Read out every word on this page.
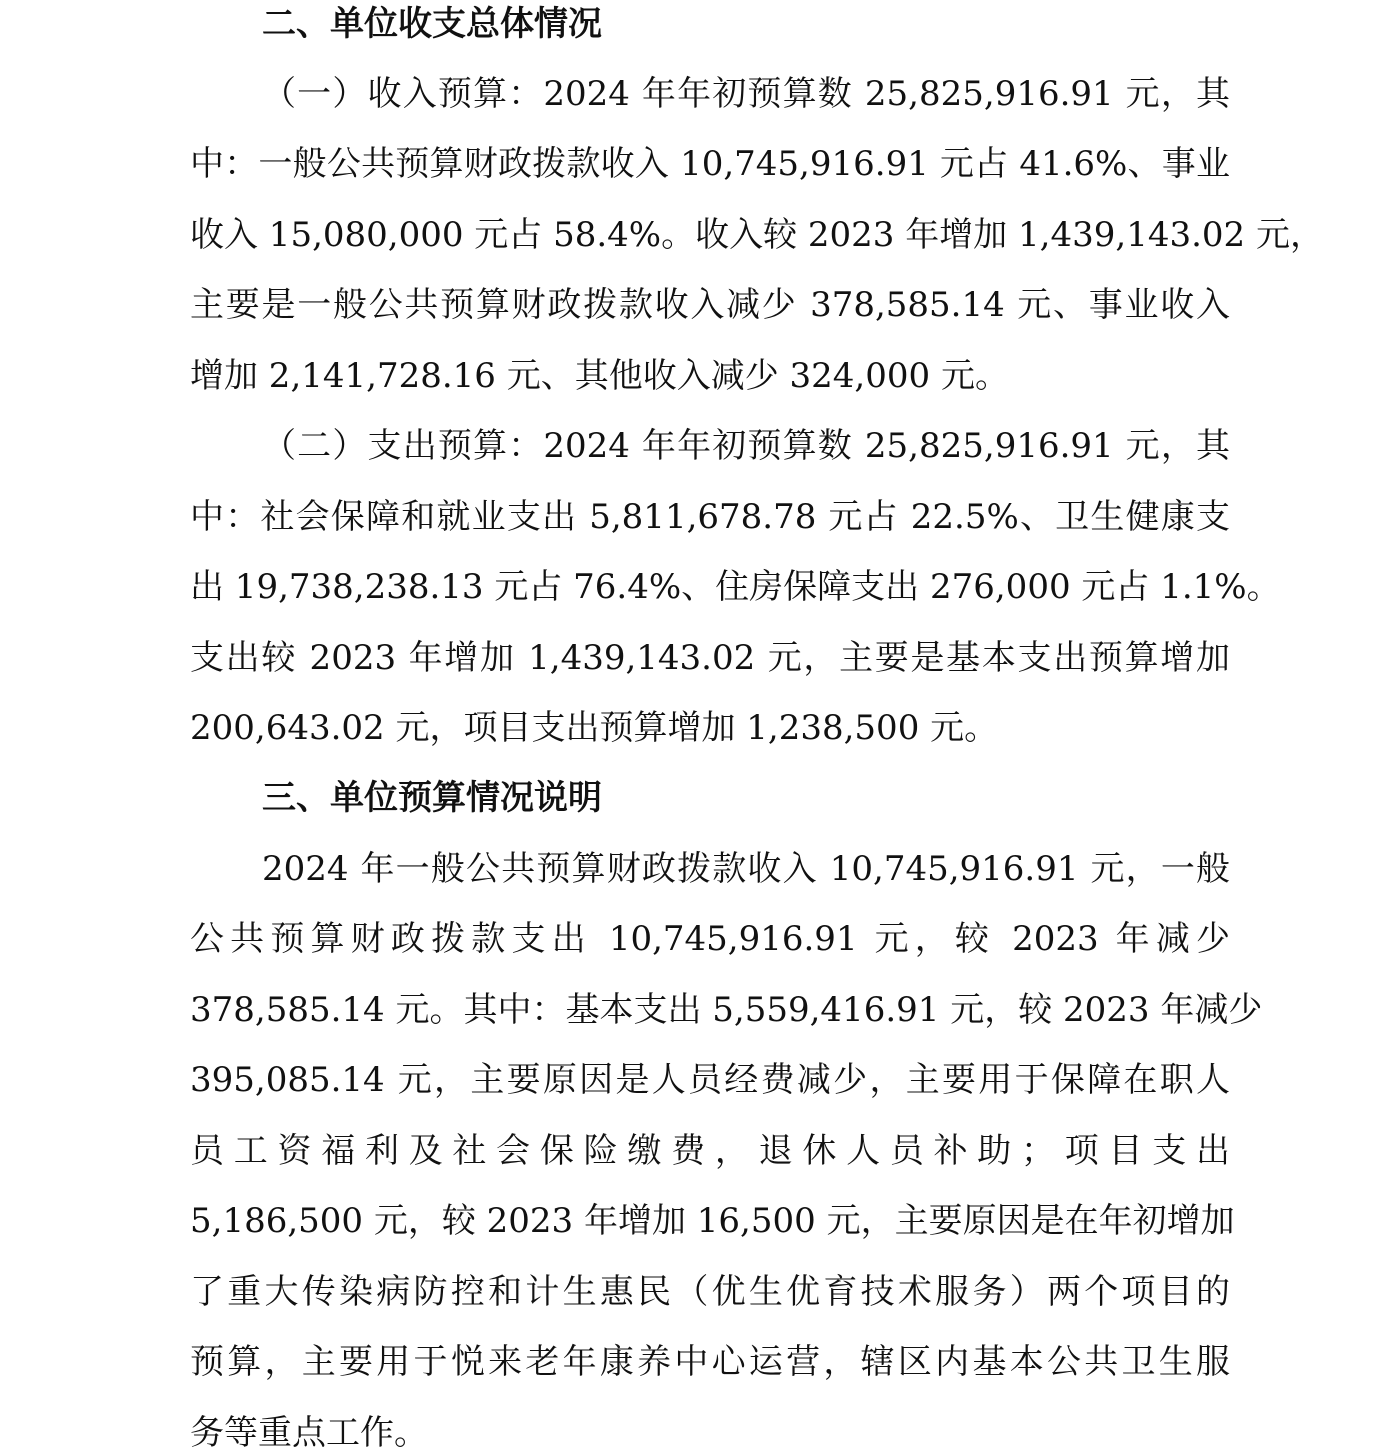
二、单位收支总体情况
（一）收入预算：2024 年年初预算数 25,825,916.91 元，其
中：一般公共预算财政拨款收入 10,745,916.91 元占 41.6%、事业
收入 15,080,000 元占 58.4%。收入较 2023 年增加 1,439,143.02 元，
主要是一般公共预算财政拨款收入减少 378,585.14 元、事业收入
增加 2,141,728.16 元、其他收入减少 324,000 元。
（二）支出预算：2024 年年初预算数 25,825,916.91 元，其
中：社会保障和就业支出 5,811,678.78 元占 22.5%、卫生健康支
出 19,738,238.13 元占 76.4%、住房保障支出 276,000 元占 1.1%。
支出较 2023 年增加 1,439,143.02 元，主要是基本支出预算增加
200,643.02 元，项目支出预算增加 1,238,500 元。
三、单位预算情况说明
2024 年一般公共预算财政拨款收入 10,745,916.91 元，一般
公共预算财政拨款支出 10,745,916.91 元，较 2023 年减少
378,585.14 元。其中：基本支出 5,559,416.91 元，较 2023 年减少
395,085.14 元，主要原因是人员经费减少，主要用于保障在职人
员工资福利及社会保险缴费，退休人员补助；项目支出
5,186,500 元，较 2023 年增加 16,500 元，主要原因是在年初增加
了重大传染病防控和计生惠民（优生优育技术服务）两个项目的
预算，主要用于悦来老年康养中心运营，辖区内基本公共卫生服
务等重点工作。
